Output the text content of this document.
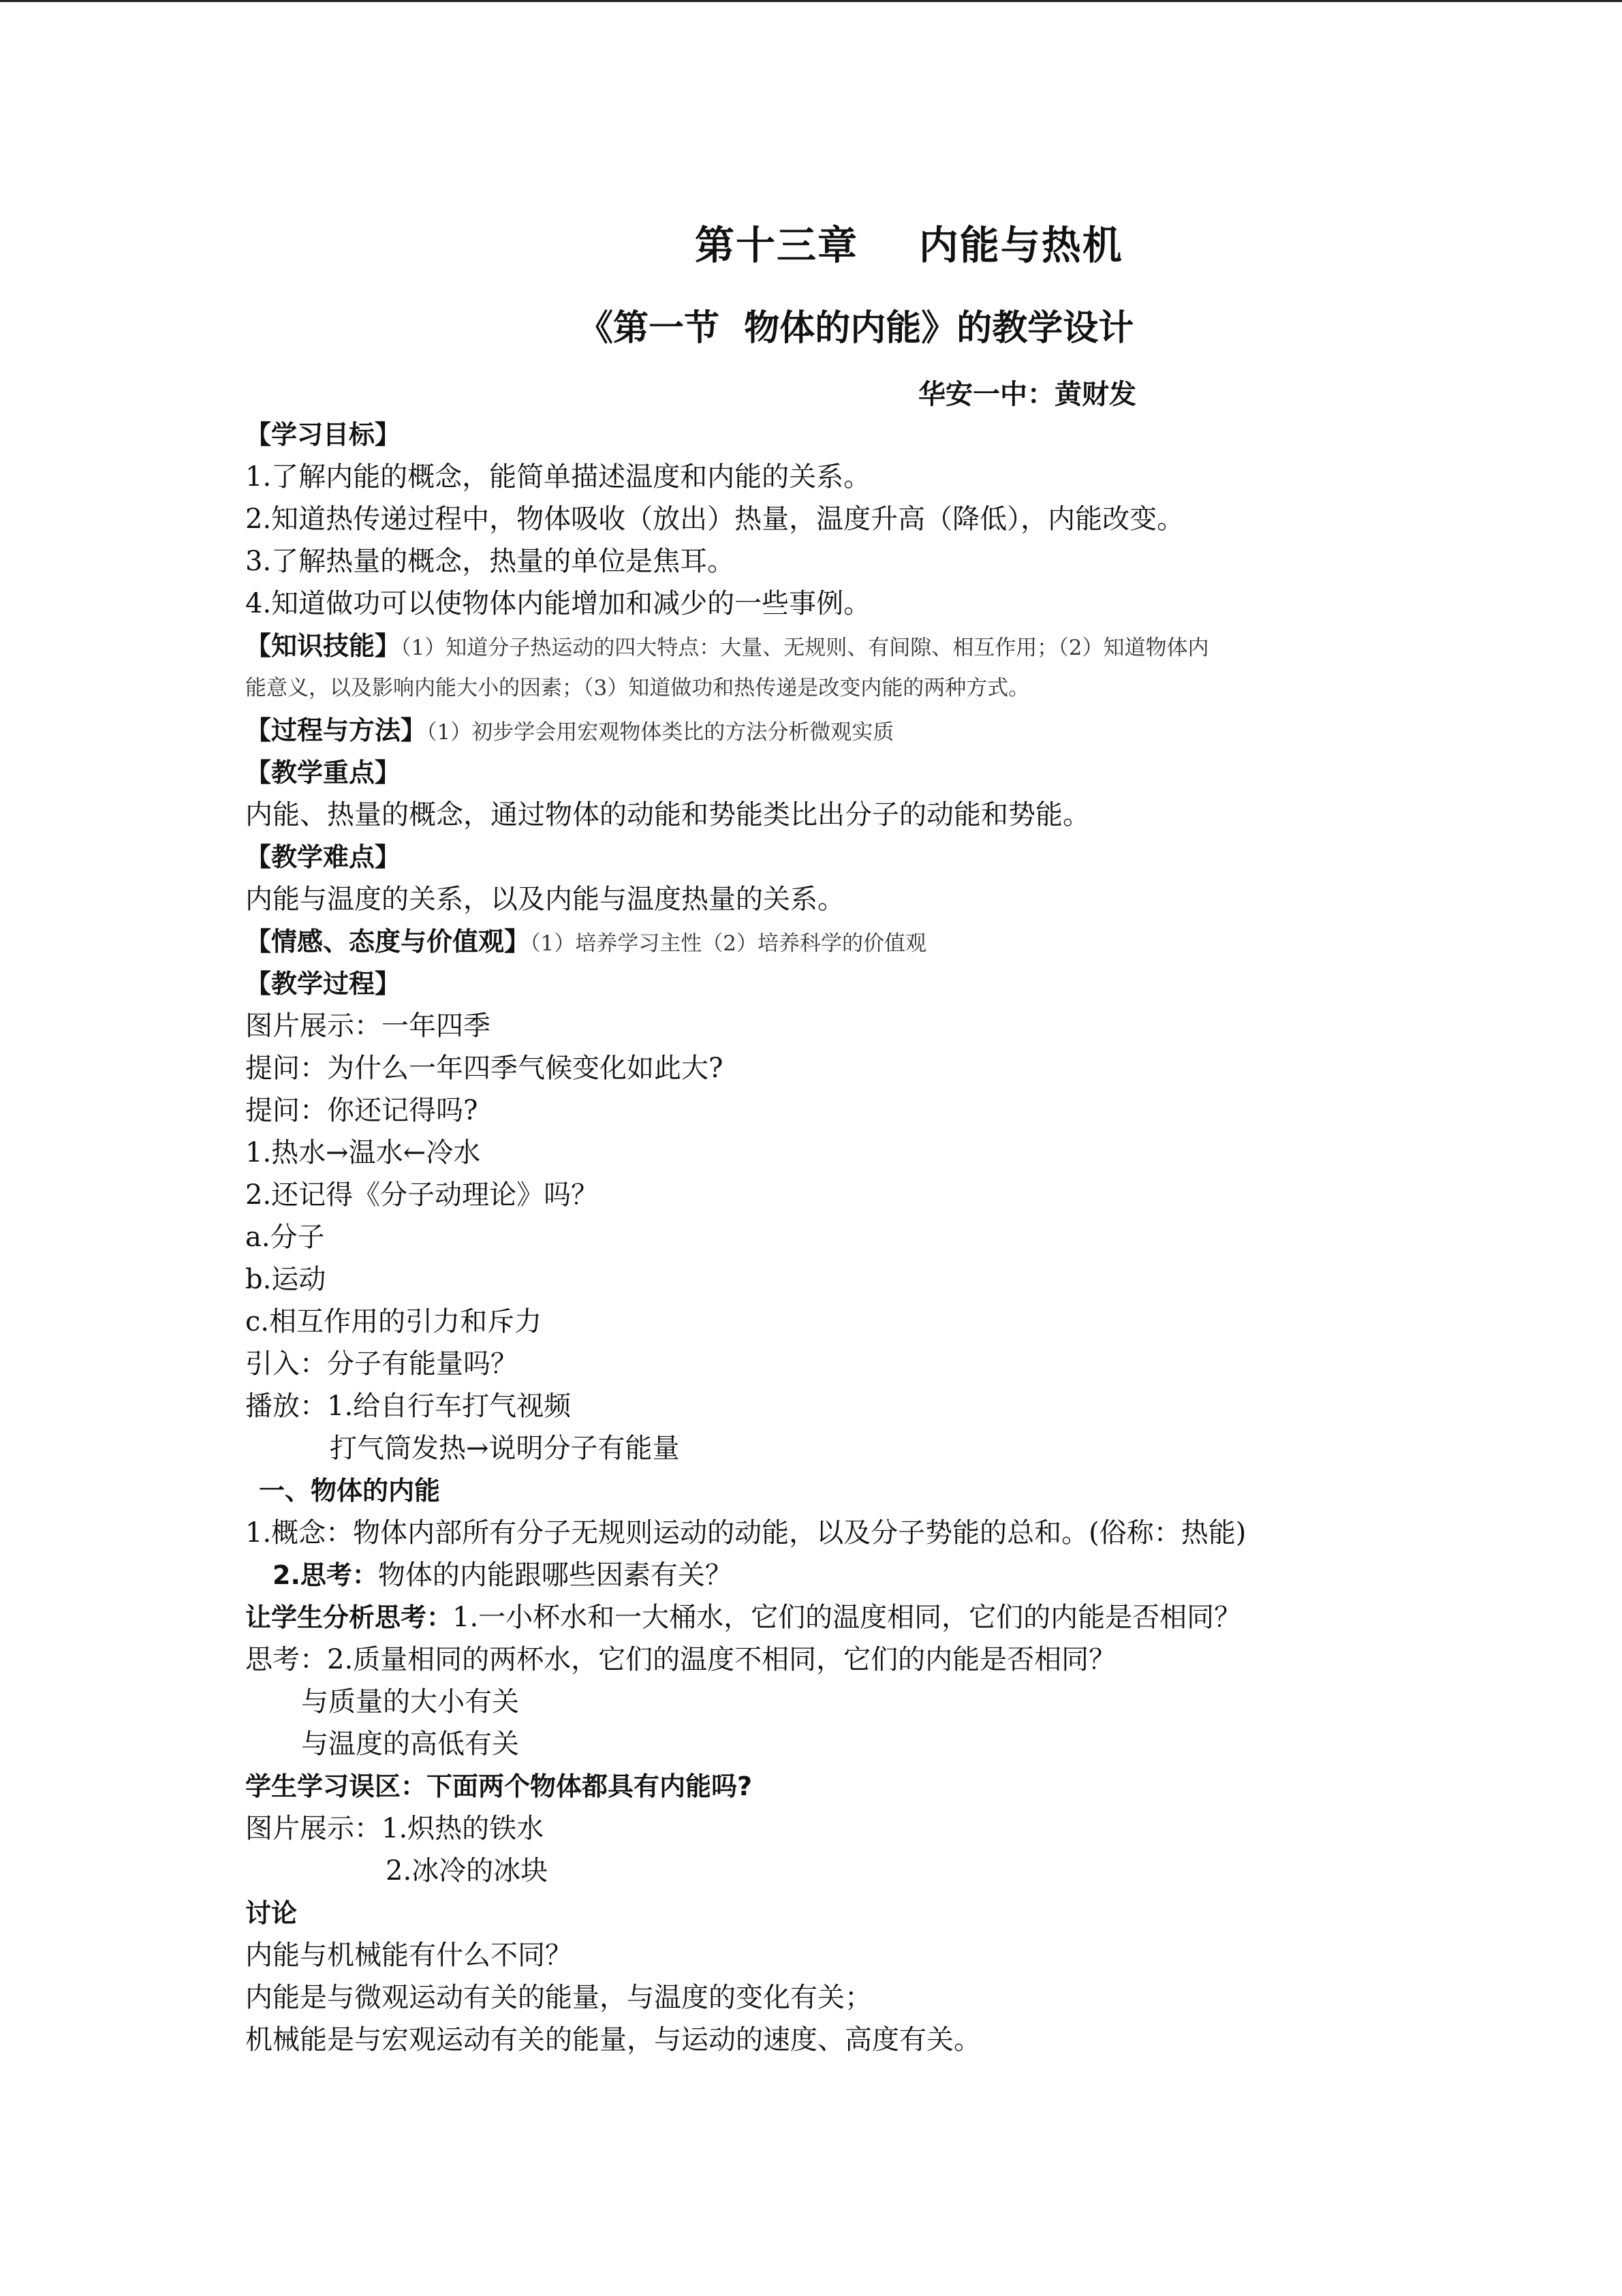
第十三章    内能与热机
《第一节  物体的内能》的教学设计
华安一中：黄财发
【学习目标】
1.了解内能的概念，能简单描述温度和内能的关系。
2.知道热传递过程中，物体吸收（放出）热量，温度升高（降低），内能改变。
3.了解热量的概念，热量的单位是焦耳。
4.知道做功可以使物体内能增加和减少的一些事例。
【知识技能】（1）知道分子热运动的四大特点：大量、无规则、有间隙、相互作用；（2）知道物体内
能意义，以及影响内能大小的因素；（3）知道做功和热传递是改变内能的两种方式。
【过程与方法】（1）初步学会用宏观物体类比的方法分析微观实质
【教学重点】
内能、热量的概念，通过物体的动能和势能类比出分子的动能和势能。
【教学难点】
内能与温度的关系，以及内能与温度热量的关系。
【情感、态度与价值观】（1）培养学习主性（2）培养科学的价值观
【教学过程】
图片展示：一年四季
提问：为什么一年四季气候变化如此大?
提问：你还记得吗?
1.热水→温水←冷水
2.还记得《分子动理论》吗？
a.分子
b.运动
c.相互作用的引力和斥力
引入：分子有能量吗？
播放：1.给自行车打气视频
打气筒发热→说明分子有能量
一、物体的内能
1.概念：物体内部所有分子无规则运动的动能，以及分子势能的总和。(俗称：热能)
2.思考：物体的内能跟哪些因素有关？
让学生分析思考：1.一小杯水和一大桶水，它们的温度相同，它们的内能是否相同？
思考：2.质量相同的两杯水，它们的温度不相同，它们的内能是否相同？
与质量的大小有关
与温度的高低有关
学生学习误区：下面两个物体都具有内能吗?
图片展示：1.炽热的铁水
2.冰冷的冰块
讨论
内能与机械能有什么不同？
内能是与微观运动有关的能量，与温度的变化有关；
机械能是与宏观运动有关的能量，与运动的速度、高度有关。
